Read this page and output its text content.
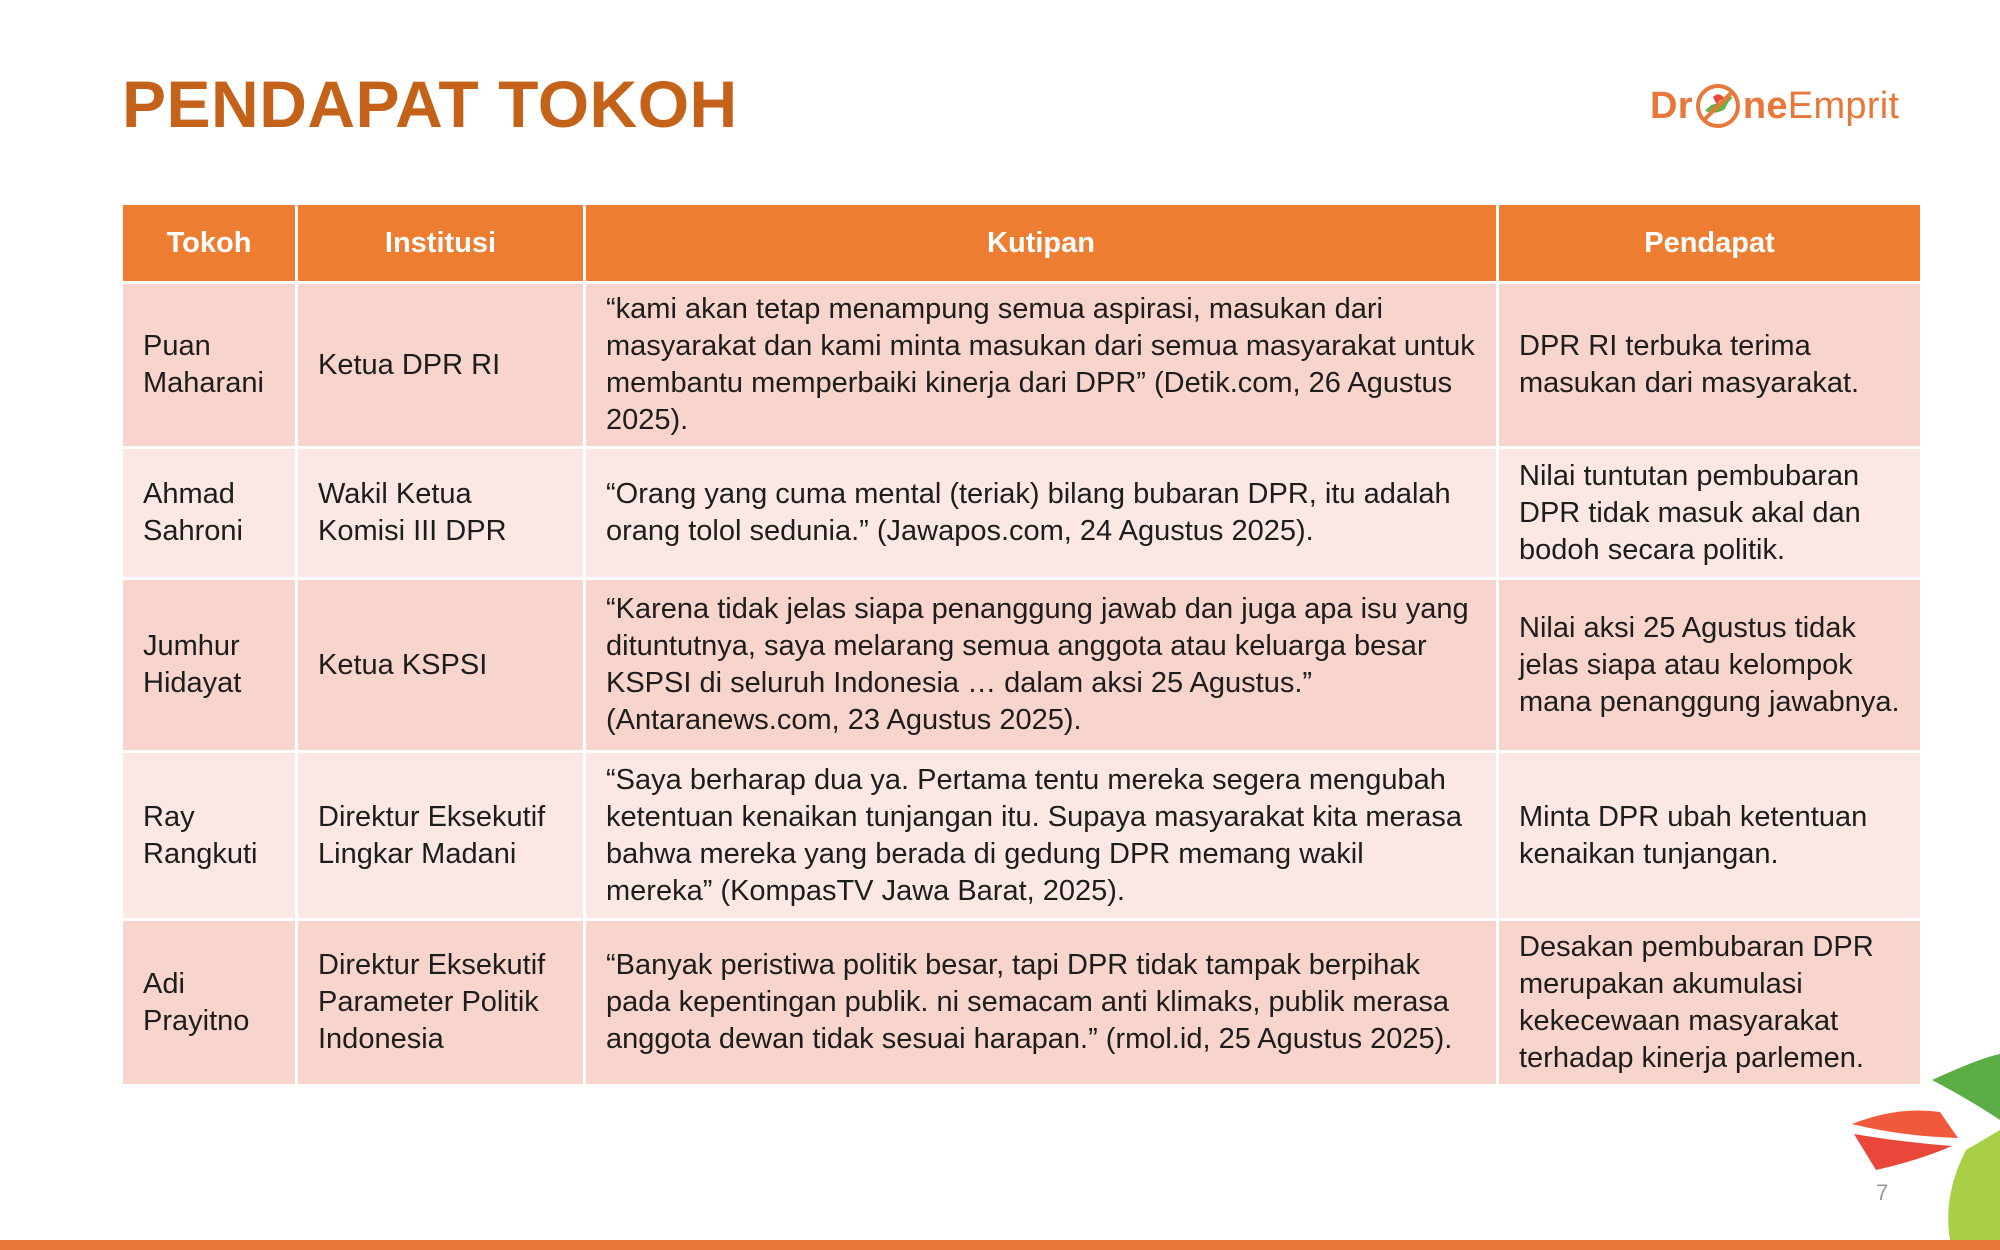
PENDAPAT TOKOH	Dr ne Emprit
Tokoh	Institusi	Kutipan	Pendapat
Puan Maharani	Ketua DPR RI	“kami akan tetap menampung semua aspirasi, masukan dari masyarakat dan kami minta masukan dari semua masyarakat untuk membantu memperbaiki kinerja dari DPR” (Detik.com, 26 Agustus 2025).	DPR RI terbuka terima masukan dari masyarakat.
Ahmad Sahroni	Wakil Ketua Komisi III DPR	“Orang yang cuma mental (teriak) bilang bubaran DPR, itu adalah orang tolol sedunia.” (Jawapos.com, 24 Agustus 2025).	Nilai tuntutan pembubaran DPR tidak masuk akal dan bodoh secara politik.
Jumhur Hidayat	Ketua KSPSI	“Karena tidak jelas siapa penanggung jawab dan juga apa isu yang dituntutnya, saya melarang semua anggota atau keluarga besar KSPSI di seluruh Indonesia … dalam aksi 25 Agustus.” (Antaranews.com, 23 Agustus 2025).	Nilai aksi 25 Agustus tidak jelas siapa atau kelompok mana penanggung jawabnya.
Ray Rangkuti	Direktur Eksekutif Lingkar Madani	“Saya berharap dua ya. Pertama tentu mereka segera mengubah ketentuan kenaikan tunjangan itu. Supaya masyarakat kita merasa bahwa mereka yang berada di gedung DPR memang wakil mereka” (KompasTV Jawa Barat, 2025).	Minta DPR ubah ketentuan kenaikan tunjangan.
Adi Prayitno	Direktur Eksekutif Parameter Politik Indonesia	“Banyak peristiwa politik besar, tapi DPR tidak tampak berpihak pada kepentingan publik. ni semacam anti klimaks, publik merasa anggota dewan tidak sesuai harapan.” (rmol.id, 25 Agustus 2025).	Desakan pembubaran DPR merupakan akumulasi kekecewaan masyarakat terhadap kinerja parlemen.
7
